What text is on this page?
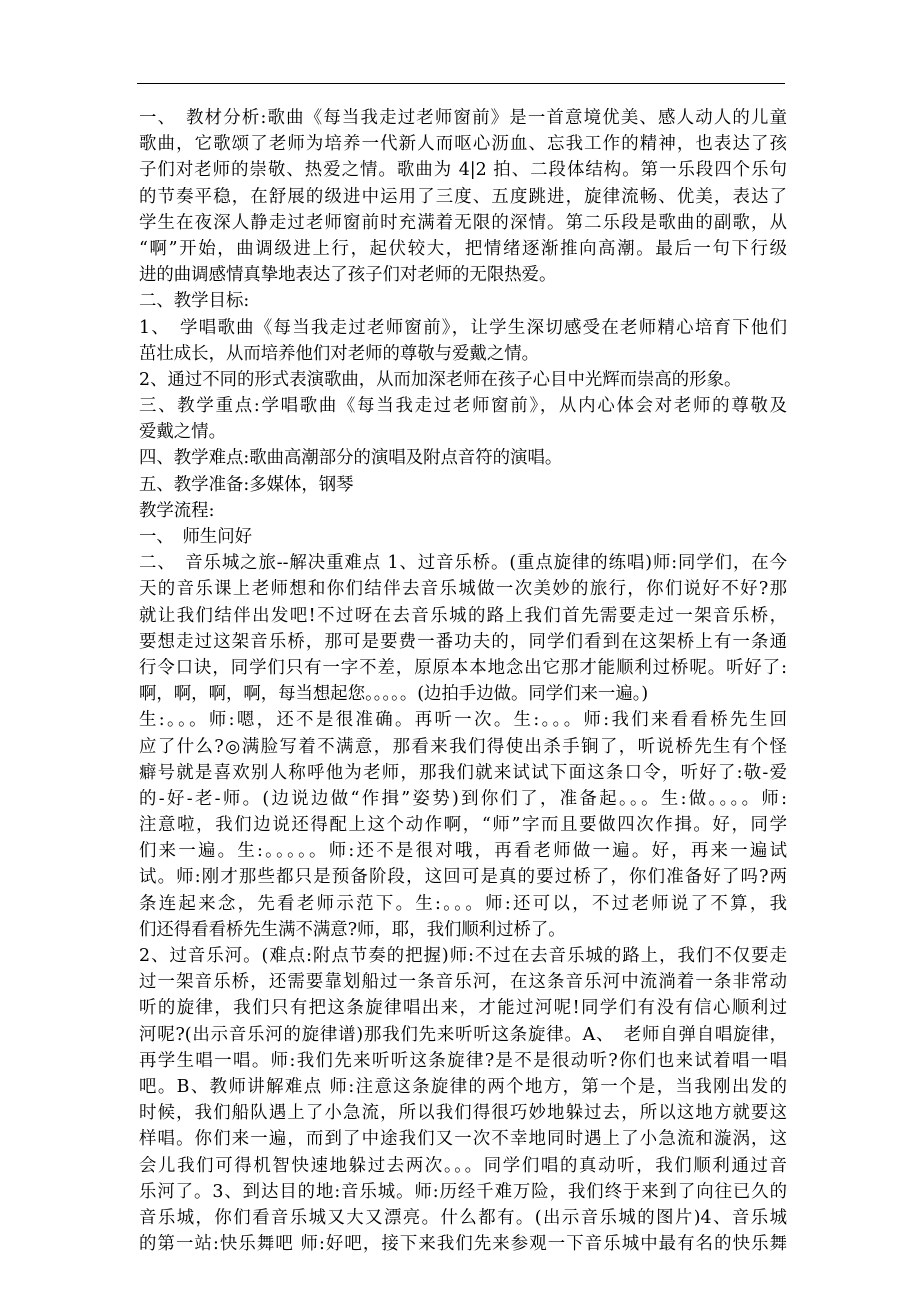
一、　教材分析:歌曲《每当我走过老师窗前》是一首意境优美、感人动人的儿童
歌曲，它歌颂了老师为培养一代新人而呕心沥血、忘我工作的精神，也表达了孩
子们对老师的崇敬、热爱之情。歌曲为 4|2 拍、二段体结构。第一乐段四个乐句
的节奏平稳，在舒展的级进中运用了三度、五度跳进，旋律流畅、优美，表达了
学生在夜深人静走过老师窗前时充满着无限的深情。第二乐段是歌曲的副歌，从
“啊”开始，曲调级进上行，起伏较大，把情绪逐渐推向高潮。最后一句下行级
进的曲调感情真挚地表达了孩子们对老师的无限热爱。
二、教学目标:
1、　学唱歌曲《每当我走过老师窗前》，让学生深切感受在老师精心培育下他们
茁壮成长，从而培养他们对老师的尊敬与爱戴之情。
2、通过不同的形式表演歌曲，从而加深老师在孩子心目中光辉而崇高的形象。
三、教学重点:学唱歌曲《每当我走过老师窗前》，从内心体会对老师的尊敬及
爱戴之情。
四、教学难点:歌曲高潮部分的演唱及附点音符的演唱。
五、教学准备:多媒体，钢琴
教学流程:
一、　师生问好
二、　音乐城之旅--解决重难点 1、过音乐桥。(重点旋律的练唱)师:同学们，在今
天的音乐课上老师想和你们结伴去音乐城做一次美妙的旅行，你们说好不好?那
就让我们结伴出发吧!不过呀在去音乐城的路上我们首先需要走过一架音乐桥，
要想走过这架音乐桥，那可是要费一番功夫的，同学们看到在这架桥上有一条通
行令口诀，同学们只有一字不差，原原本本地念出它那才能顺利过桥呢。听好了:
啊，啊，啊，啊，每当想起您。。。。。(边拍手边做。同学们来一遍。)
生:。。。师:嗯，还不是很准确。再听一次。生:。。。师:我们来看看桥先生回
应了什么?◎满脸写着不满意，那看来我们得使出杀手锏了，听说桥先生有个怪
癖号就是喜欢别人称呼他为老师，那我们就来试试下面这条口令，听好了:敬-爱
的-好-老-师。(边说边做“作揖”姿势)到你们了，准备起。。。生:做。。。。师:
注意啦，我们边说还得配上这个动作啊，“师”字而且要做四次作揖。好，同学
们来一遍。生:。。。。。师:还不是很对哦，再看老师做一遍。好，再来一遍试
试。师:刚才那些都只是预备阶段，这回可是真的要过桥了，你们准备好了吗?两
条连起来念，先看老师示范下。生:。。。师:还可以，不过老师说了不算，我
们还得看看桥先生满不满意?师，耶，我们顺利过桥了。
2、过音乐河。(难点:附点节奏的把握)师:不过在去音乐城的路上，我们不仅要走
过一架音乐桥，还需要靠划船过一条音乐河，在这条音乐河中流淌着一条非常动
听的旋律，我们只有把这条旋律唱出来，才能过河呢!同学们有没有信心顺利过
河呢?(出示音乐河的旋律谱)那我们先来听听这条旋律。A、　老师自弹自唱旋律，
再学生唱一唱。师:我们先来听听这条旋律?是不是很动听?你们也来试着唱一唱
吧。B、教师讲解难点 师:注意这条旋律的两个地方，第一个是，当我刚出发的
时候，我们船队遇上了小急流，所以我们得很巧妙地躲过去，所以这地方就要这
样唱。你们来一遍，而到了中途我们又一次不幸地同时遇上了小急流和漩涡，这
会儿我们可得机智快速地躲过去两次。。。同学们唱的真动听，我们顺利通过音
乐河了。3、到达目的地:音乐城。师:历经千难万险，我们终于来到了向往已久的
音乐城，你们看音乐城又大又漂亮。什么都有。(出示音乐城的图片)4、音乐城
的第一站:快乐舞吧 师:好吧，接下来我们先来参观一下音乐城中最有名的快乐舞
